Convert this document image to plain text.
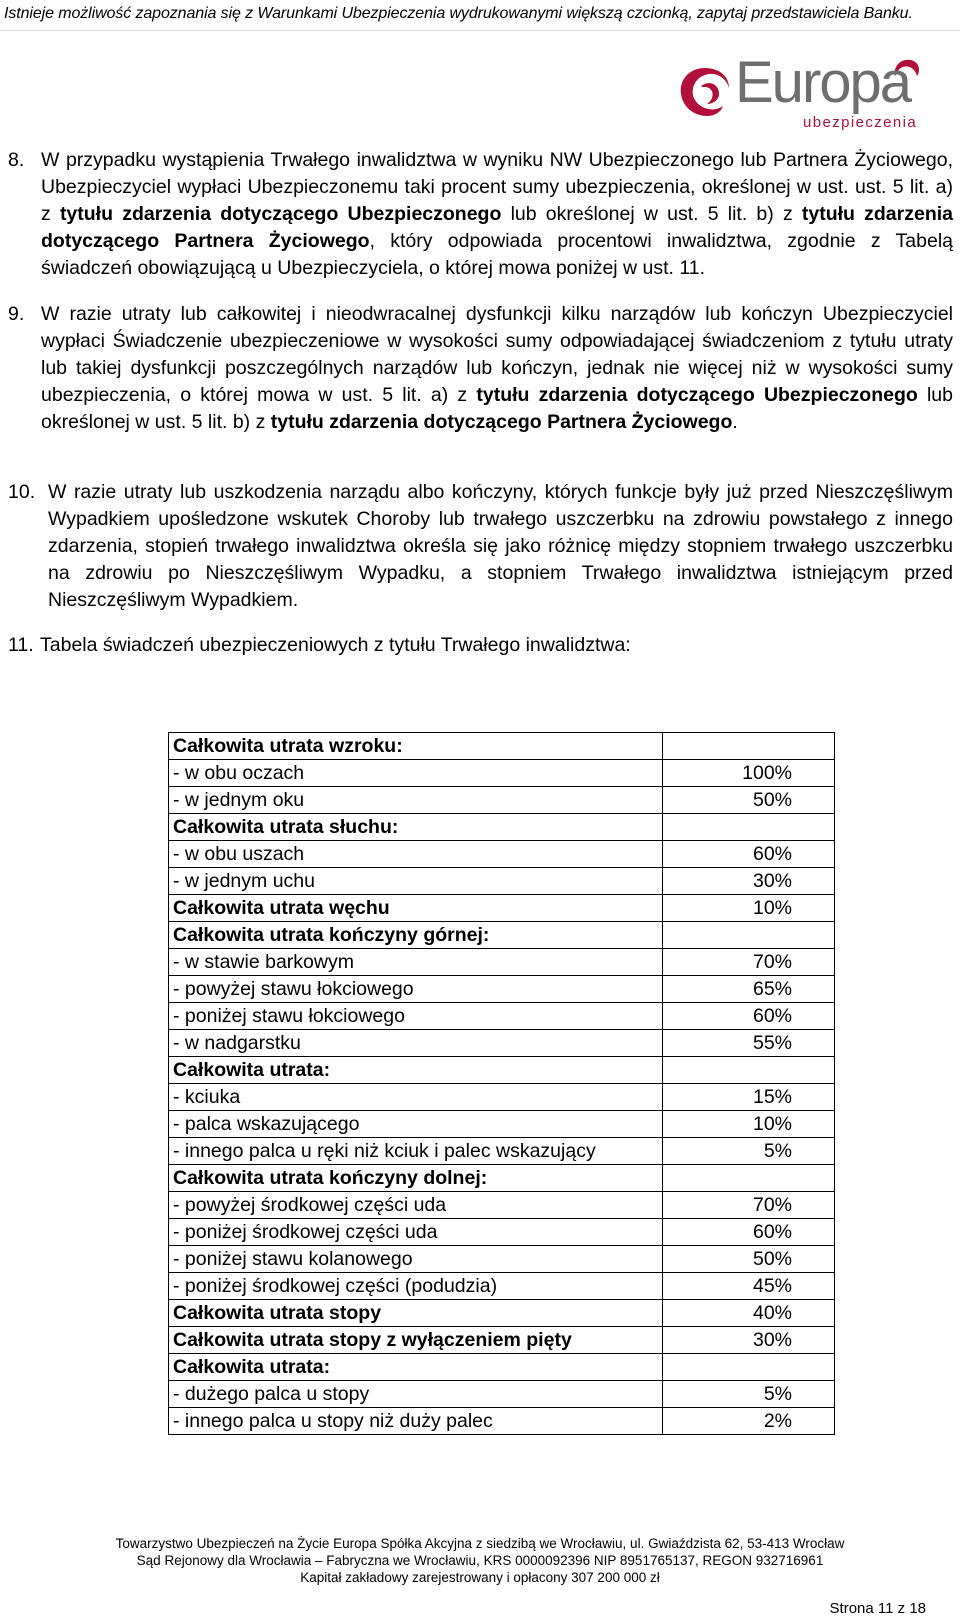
Istnieje możliwość zapoznania się z Warunkami Ubezpieczenia wydrukowanymi większą czcionką, zapytaj przedstawiciela Banku.
Europa
ubezpieczenia
8. W przypadku wystąpienia Trwałego inwalidztwa w wyniku NW Ubezpieczonego lub Partnera Życiowego, Ubezpieczyciel wypłaci Ubezpieczonemu taki procent sumy ubezpieczenia, określonej w ust. ust. 5 lit. a) z tytułu zdarzenia dotyczącego Ubezpieczonego lub określonej w ust. 5 lit. b) z tytułu zdarzenia dotyczącego Partnera Życiowego, który odpowiada procentowi inwalidztwa, zgodnie z Tabelą świadczeń obowiązującą u Ubezpieczyciela, o której mowa poniżej w ust. 11.
9. W razie utraty lub całkowitej i nieodwracalnej dysfunkcji kilku narządów lub kończyn Ubezpieczyciel wypłaci Świadczenie ubezpieczeniowe w wysokości sumy odpowiadającej świadczeniom z tytułu utraty lub takiej dysfunkcji poszczególnych narządów lub kończyn, jednak nie więcej niż w wysokości sumy ubezpieczenia, o której mowa w ust. 5 lit. a) z tytułu zdarzenia dotyczącego Ubezpieczonego lub określonej w ust. 5 lit. b) z tytułu zdarzenia dotyczącego Partnera Życiowego.
10. W razie utraty lub uszkodzenia narządu albo kończyny, których funkcje były już przed Nieszczęśliwym Wypadkiem upośledzone wskutek Choroby lub trwałego uszczerbku na zdrowiu powstałego z innego zdarzenia, stopień trwałego inwalidztwa określa się jako różnicę między stopniem trwałego uszczerbku na zdrowiu po Nieszczęśliwym Wypadku, a stopniem Trwałego inwalidztwa istniejącym przed Nieszczęśliwym Wypadkiem.
11. Tabela świadczeń ubezpieczeniowych z tytułu Trwałego inwalidztwa:
Całkowita utrata wzroku:	
- w obu oczach	100%
- w jednym oku	50%
Całkowita utrata słuchu:	
- w obu uszach	60%
- w jednym uchu	30%
Całkowita utrata węchu	10%
Całkowita utrata kończyny górnej:	
- w stawie barkowym	70%
- powyżej stawu łokciowego	65%
- poniżej stawu łokciowego	60%
- w nadgarstku	55%
Całkowita utrata:	
- kciuka	15%
- palca wskazującego	10%
- innego palca u ręki niż kciuk i palec wskazujący	5%
Całkowita utrata kończyny dolnej:	
- powyżej środkowej części uda	70%
- poniżej środkowej części uda	60%
- poniżej stawu kolanowego	50%
- poniżej środkowej części (podudzia)	45%
Całkowita utrata stopy	40%
Całkowita utrata stopy z wyłączeniem pięty	30%
Całkowita utrata:	
- dużego palca u stopy	5%
- innego palca u stopy niż duży palec	2%
Towarzystwo Ubezpieczeń na Życie Europa Spółka Akcyjna z siedzibą we Wrocławiu, ul. Gwiaździsta 62, 53-413 Wrocław
Sąd Rejonowy dla Wrocławia – Fabryczna we Wrocławiu, KRS 0000092396 NIP 8951765137, REGON 932716961
Kapitał zakładowy zarejestrowany i opłacony 307 200 000 zł
Strona 11 z 18
